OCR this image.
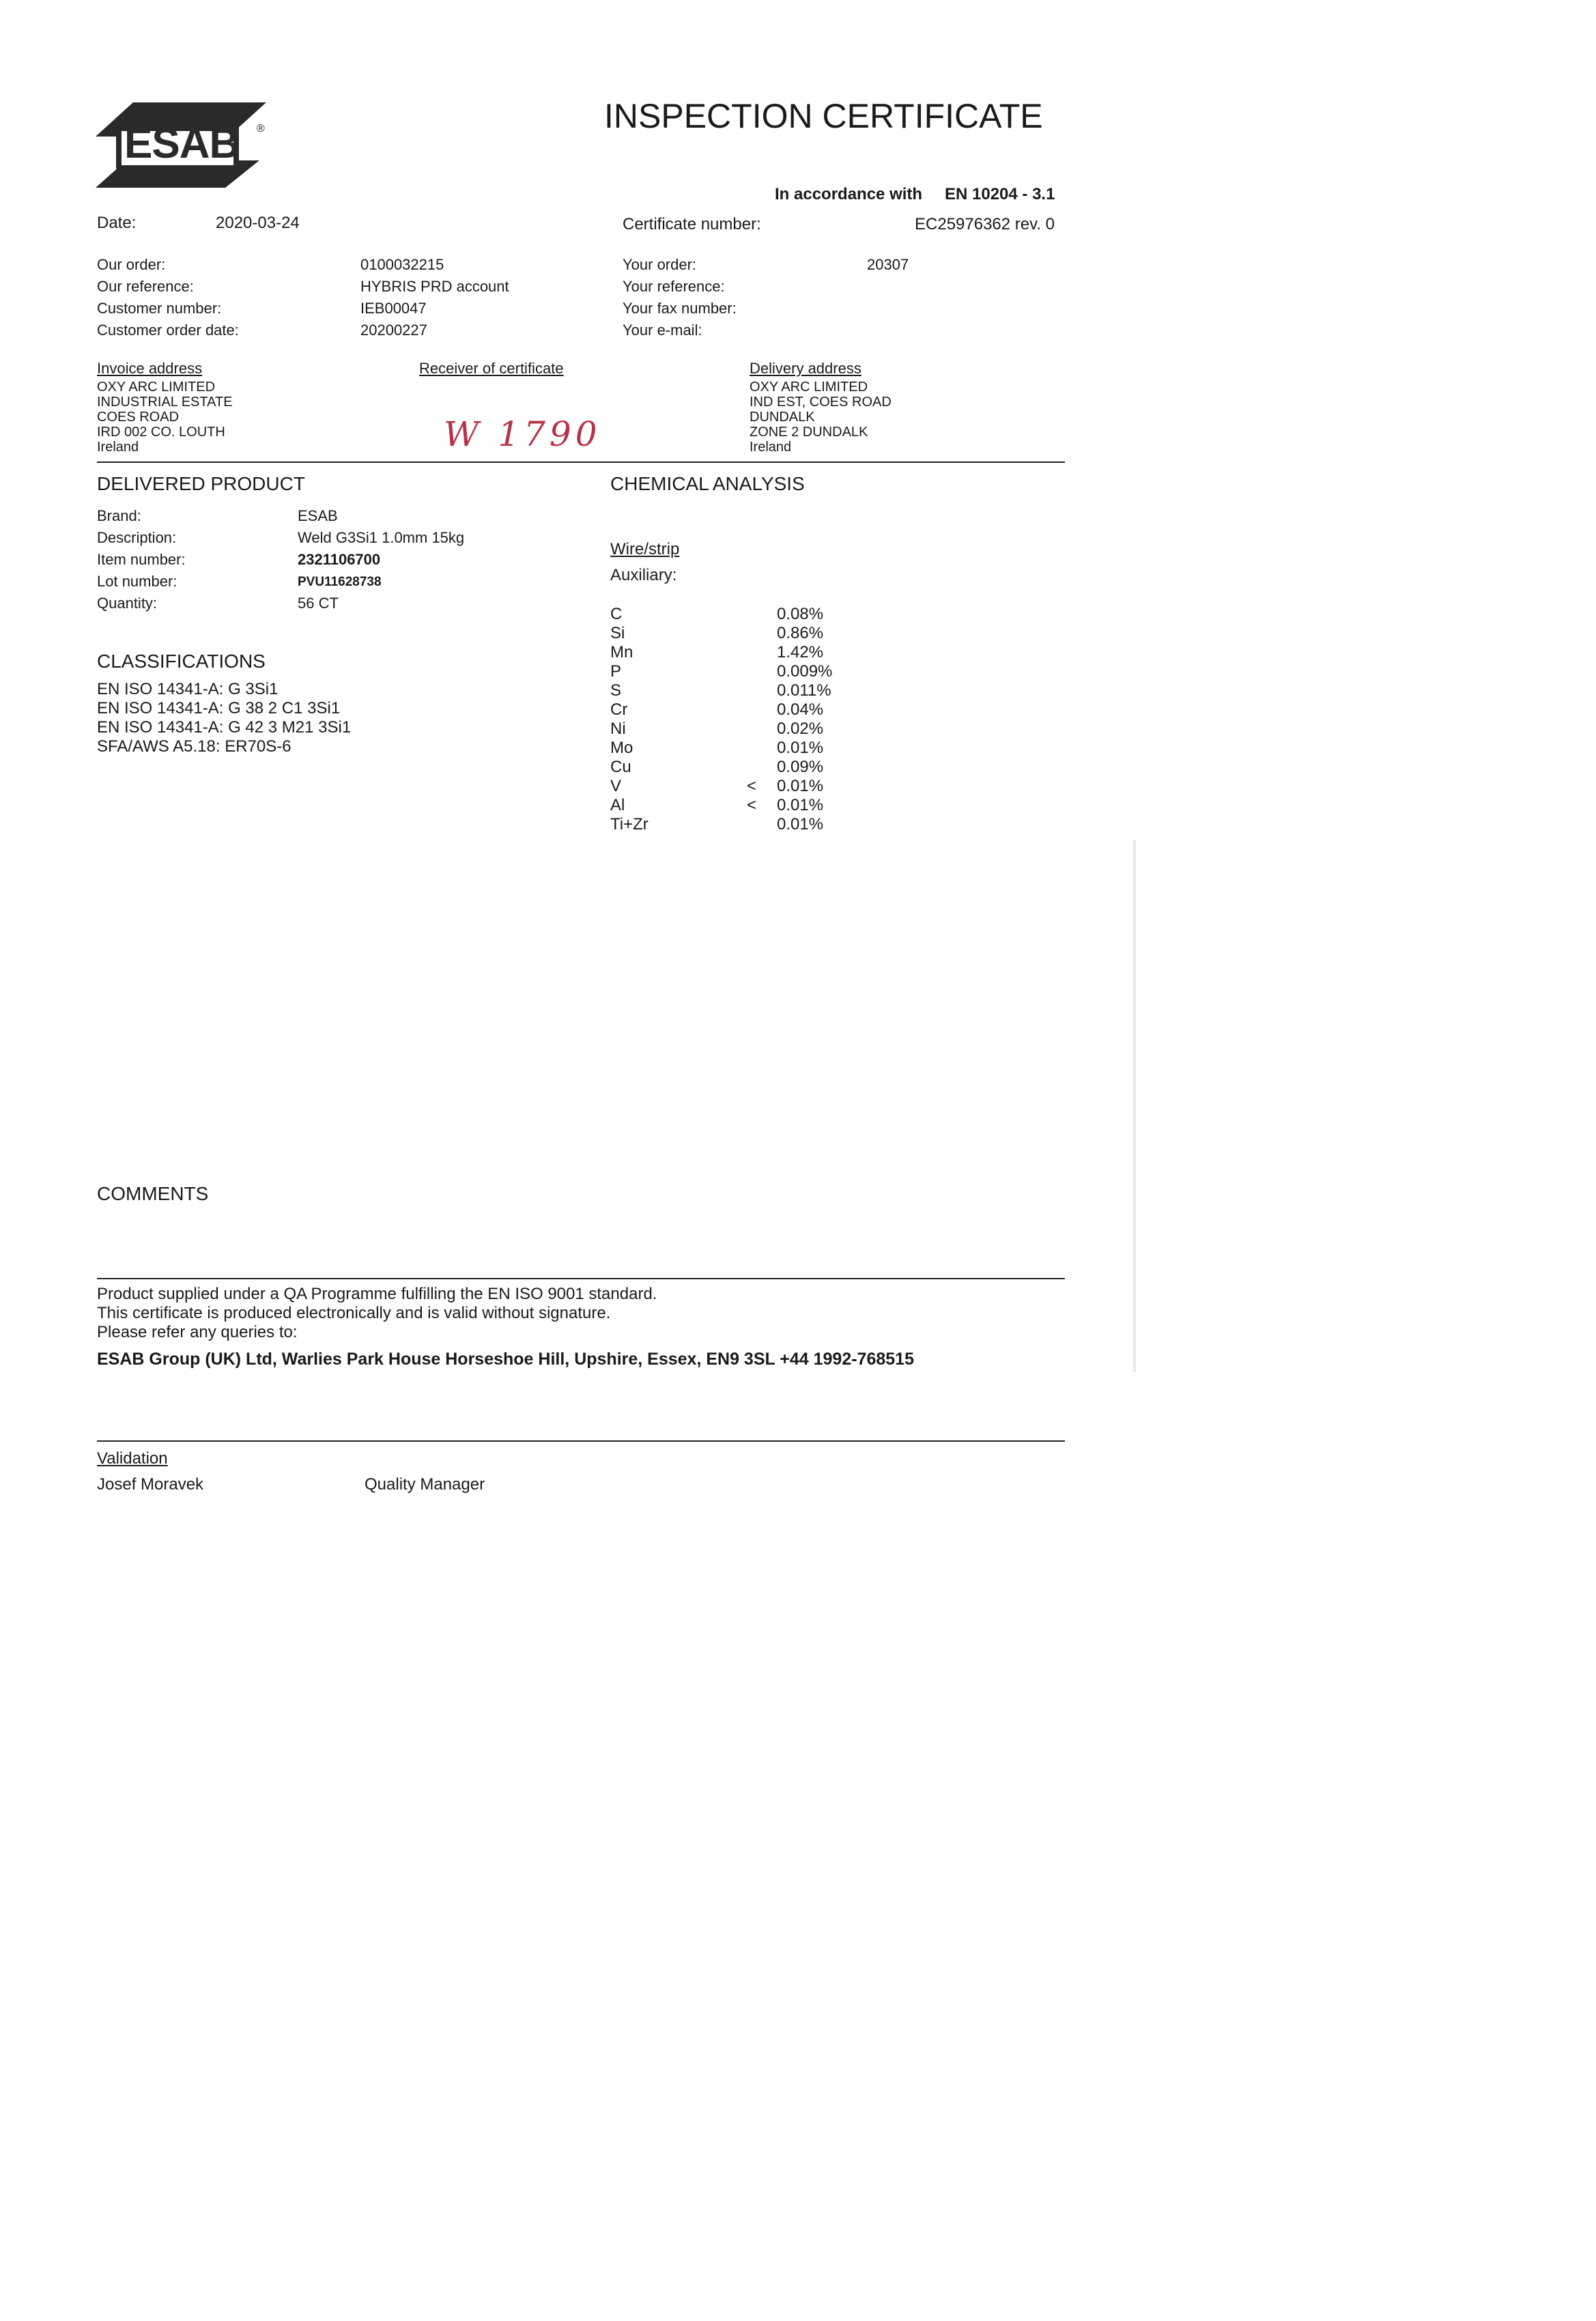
ESAB ®	INSPECTION CERTIFICATE
In accordance with EN 10204 - 3.1
Date:	2020-03-24	Certificate number:	EC25976362 rev. 0
Our order:	0100032215
Our reference:	HYBRIS PRD account
Customer number:	IEB00047
Customer order date:	20200227
Your order:	20307
Your reference:
Your fax number:
Your e-mail:
Invoice address
OXY ARC LIMITED
INDUSTRIAL ESTATE
COES ROAD
IRD 002 CO. LOUTH
Ireland
Receiver of certificate
W 1790
Delivery address
OXY ARC LIMITED
IND EST, COES ROAD
DUNDALK
ZONE 2 DUNDALK
Ireland
DELIVERED PRODUCT
Brand:	ESAB
Description:	Weld G3Si1 1.0mm 15kg
Item number:	2321106700
Lot number:	PVU11628738
Quantity:	56 CT
CLASSIFICATIONS
EN ISO 14341-A: G 3Si1
EN ISO 14341-A: G 38 2 C1 3Si1
EN ISO 14341-A: G 42 3 M21 3Si1
SFA/AWS A5.18: ER70S-6
CHEMICAL ANALYSIS
Wire/strip
Auxiliary:
C	0.08%
Si	0.86%
Mn	1.42%
P	0.009%
S	0.011%
Cr	0.04%
Ni	0.02%
Mo	0.01%
Cu	0.09%
V	<	0.01%
Al	<	0.01%
Ti+Zr	0.01%
COMMENTS
Product supplied under a QA Programme fulfilling the EN ISO 9001 standard.
This certificate is produced electronically and is valid without signature.
Please refer any queries to:
ESAB Group (UK) Ltd, Warlies Park House Horseshoe Hill, Upshire, Essex, EN9 3SL +44 1992-768515
Validation
Josef Moravek	Quality Manager
